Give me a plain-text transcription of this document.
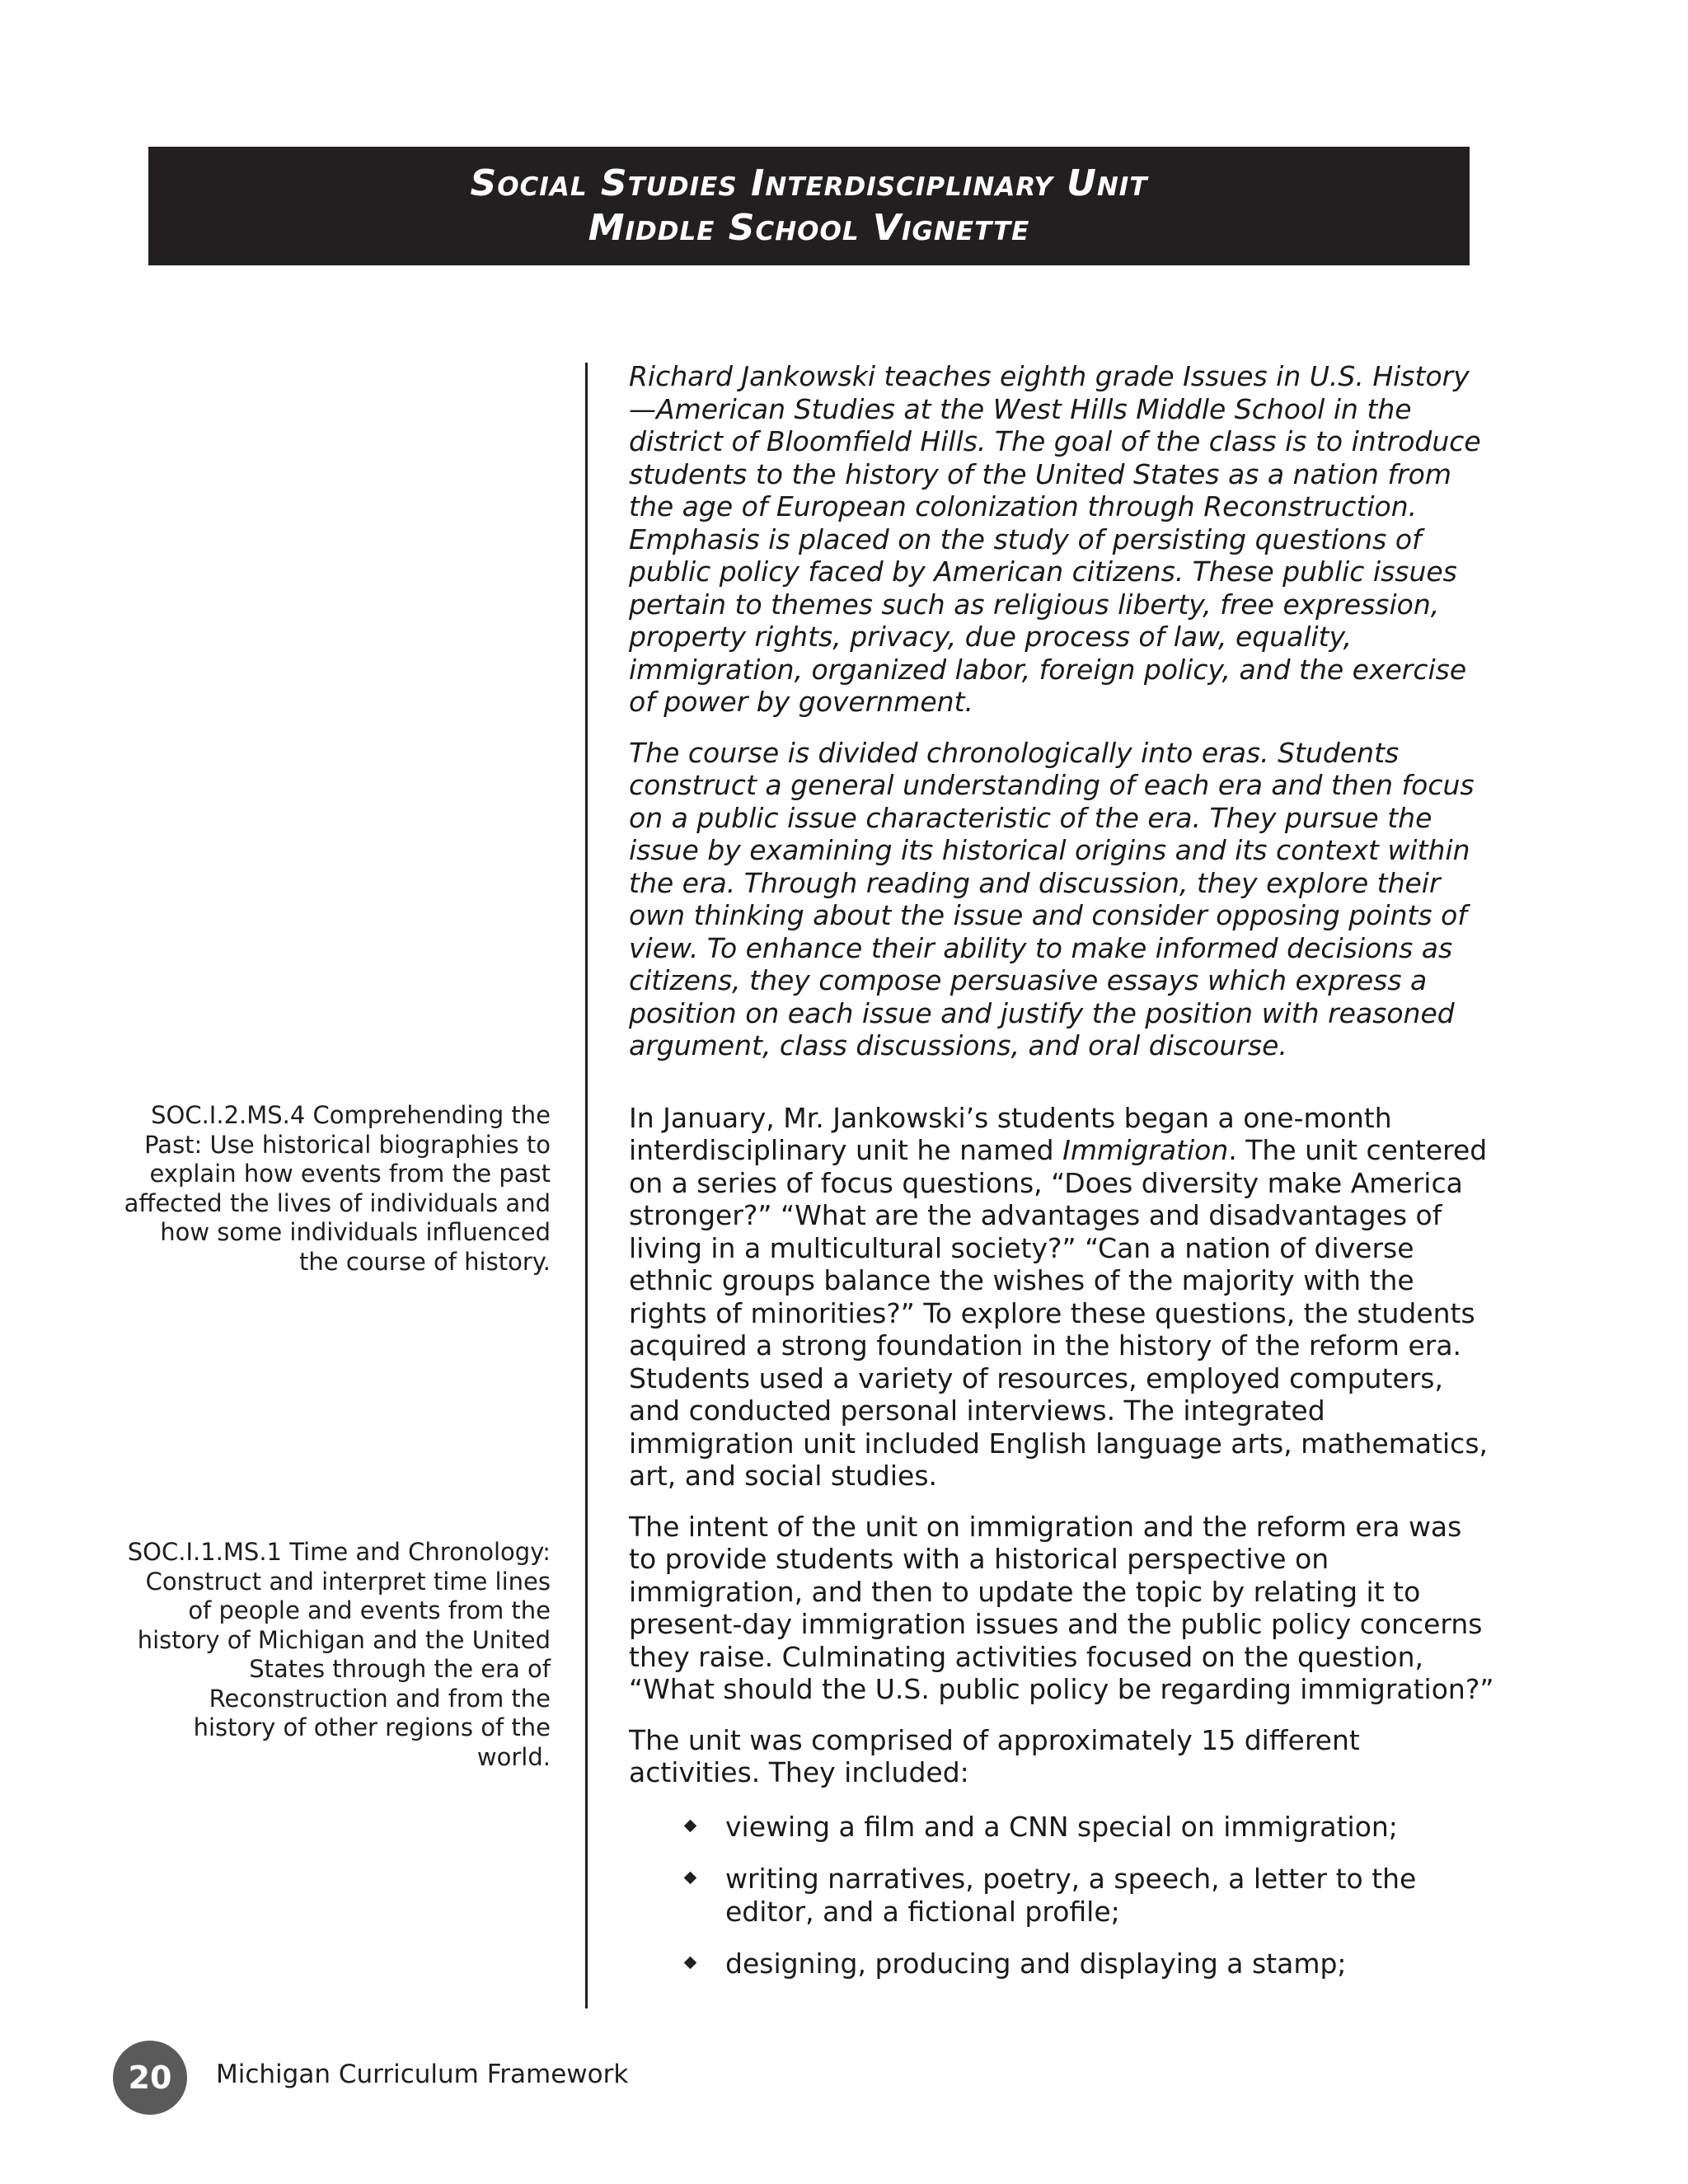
Social Studies Interdisciplinary Unit
Middle School Vignette
SOC.I.2.MS.4 Comprehending the Past: Use historical biographies to explain how events from the past affected the lives of individuals and how some individuals influenced the course of history.
SOC.I.1.MS.1 Time and Chronology: Construct and interpret time lines of people and events from the history of Michigan and the United States through the era of Reconstruction and from the history of other regions of the world.

Richard Jankowski teaches eighth grade Issues in U.S. History—American Studies at the West Hills Middle School in the district of Bloomfield Hills. The goal of the class is to introduce students to the history of the United States as a nation from the age of European colonization through Reconstruction. Emphasis is placed on the study of persisting questions of public policy faced by American citizens. These public issues pertain to themes such as religious liberty, free expression, property rights, privacy, due process of law, equality, immigration, organized labor, foreign policy, and the exercise of power by government.

The course is divided chronologically into eras. Students construct a general understanding of each era and then focus on a public issue characteristic of the era. They pursue the issue by examining its historical origins and its context within the era. Through reading and discussion, they explore their own thinking about the issue and consider opposing points of view. To enhance their ability to make informed decisions as citizens, they compose persuasive essays which express a position on each issue and justify the position with reasoned argument, class discussions, and oral discourse.

In January, Mr. Jankowski’s students began a one-month interdisciplinary unit he named Immigration. The unit centered on a series of focus questions, “Does diversity make America stronger?” “What are the advantages and disadvantages of living in a multicultural society?” “Can a nation of diverse ethnic groups balance the wishes of the majority with the rights of minorities?” To explore these questions, the students acquired a strong foundation in the history of the reform era. Students used a variety of resources, employed computers, and conducted personal interviews. The integrated immigration unit included English language arts, mathematics, art, and social studies.

The intent of the unit on immigration and the reform era was to provide students with a historical perspective on immigration, and then to update the topic by relating it to present-day immigration issues and the public policy concerns they raise. Culminating activities focused on the question, “What should the U.S. public policy be regarding immigration?”

The unit was comprised of approximately 15 different activities. They included:

viewing a film and a CNN special on immigration;
writing narratives, poetry, a speech, a letter to the editor, and a fictional profile;
designing, producing and displaying a stamp;
20	Michigan Curriculum Framework
